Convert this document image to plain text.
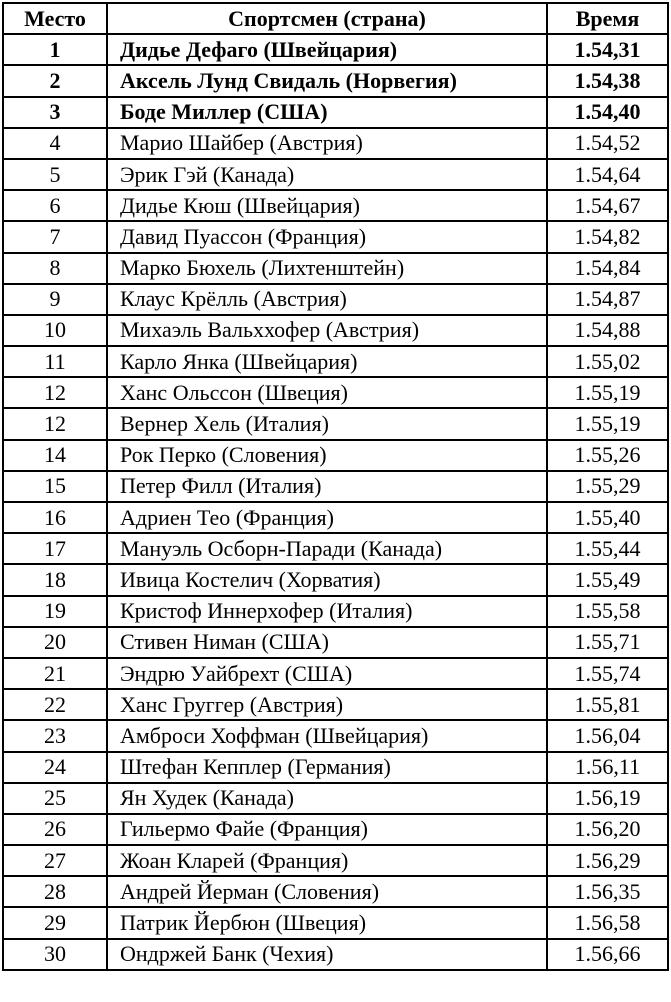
Место	Спортсмен (страна)	Время
1	Дидье Дефаго (Швейцария)	1.54,31
2	Аксель Лунд Свидаль (Норвегия)	1.54,38
3	Боде Миллер (США)	1.54,40
4	Марио Шайбер (Австрия)	1.54,52
5	Эрик Гэй (Канада)	1.54,64
6	Дидье Кюш (Швейцария)	1.54,67
7	Давид Пуассон (Франция)	1.54,82
8	Марко Бюхель (Лихтенштейн)	1.54,84
9	Клаус Крёлль (Австрия)	1.54,87
10	Михаэль Вальххофер (Австрия)	1.54,88
11	Карло Янка (Швейцария)	1.55,02
12	Ханс Ольссон (Швеция)	1.55,19
12	Вернер Хель (Италия)	1.55,19
14	Рок Перко (Словения)	1.55,26
15	Петер Филл (Италия)	1.55,29
16	Адриен Тео (Франция)	1.55,40
17	Мануэль Осборн-Паради (Канада)	1.55,44
18	Ивица Костелич (Хорватия)	1.55,49
19	Кристоф Иннерхофер (Италия)	1.55,58
20	Стивен Ниман (США)	1.55,71
21	Эндрю Уайбрехт (США)	1.55,74
22	Ханс Груггер (Австрия)	1.55,81
23	Амброси Хоффман (Швейцария)	1.56,04
24	Штефан Кепплер (Германия)	1.56,11
25	Ян Худек (Канада)	1.56,19
26	Гильермо Файе (Франция)	1.56,20
27	Жоан Кларей (Франция)	1.56,29
28	Андрей Йерман (Словения)	1.56,35
29	Патрик Йербюн (Швеция)	1.56,58
30	Ондржей Банк (Чехия)	1.56,66
